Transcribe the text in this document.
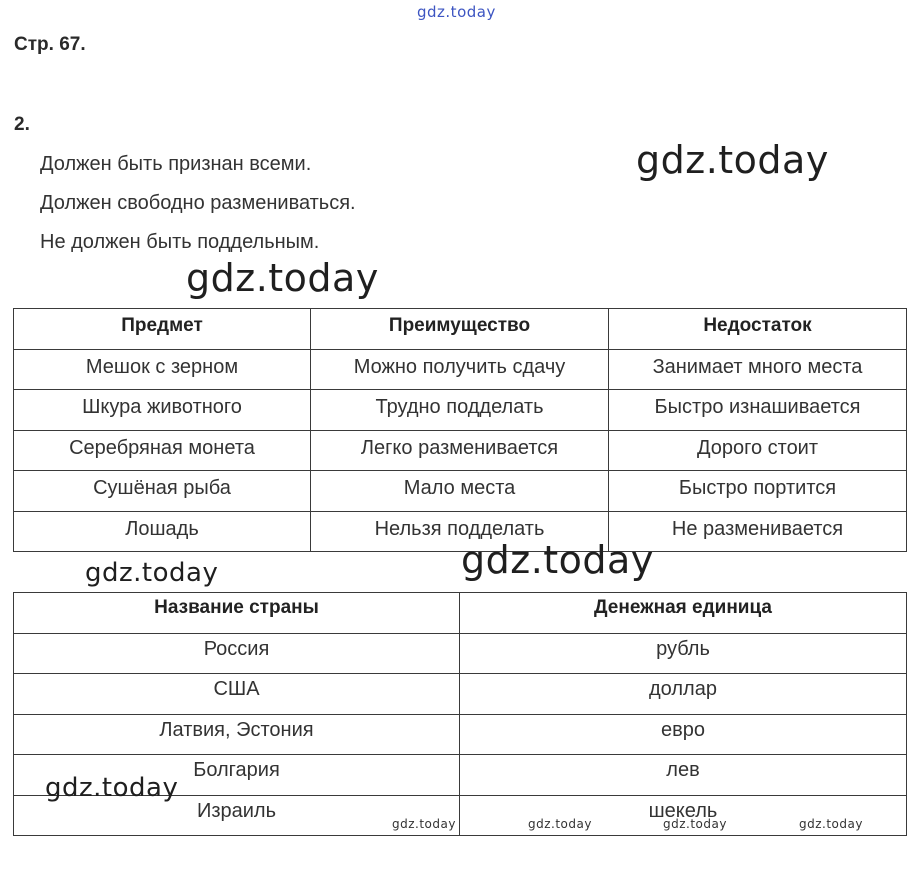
gdz.today
Стр. 67.
2.
Должен быть признан всеми.
Должен свободно размениваться.
Не должен быть поддельным.
Предмет	Преимущество	Недостаток
Мешок с зерном	Можно получить сдачу	Занимает много места
Шкура животного	Трудно подделать	Быстро изнашивается
Серебряная монета	Легко разменивается	Дорого стоит
Сушёная рыба	Мало места	Быстро портится
Лошадь	Нельзя подделать	Не разменивается
Название страны	Денежная единица
Россия	рубль
США	доллар
Латвия, Эстония	евро
Болгария	лев
Израиль	шекель
gdz.today
gdz.today
gdz.today
gdz.today
gdz.today
gdz.today	gdz.today	gdz.today	gdz.today
